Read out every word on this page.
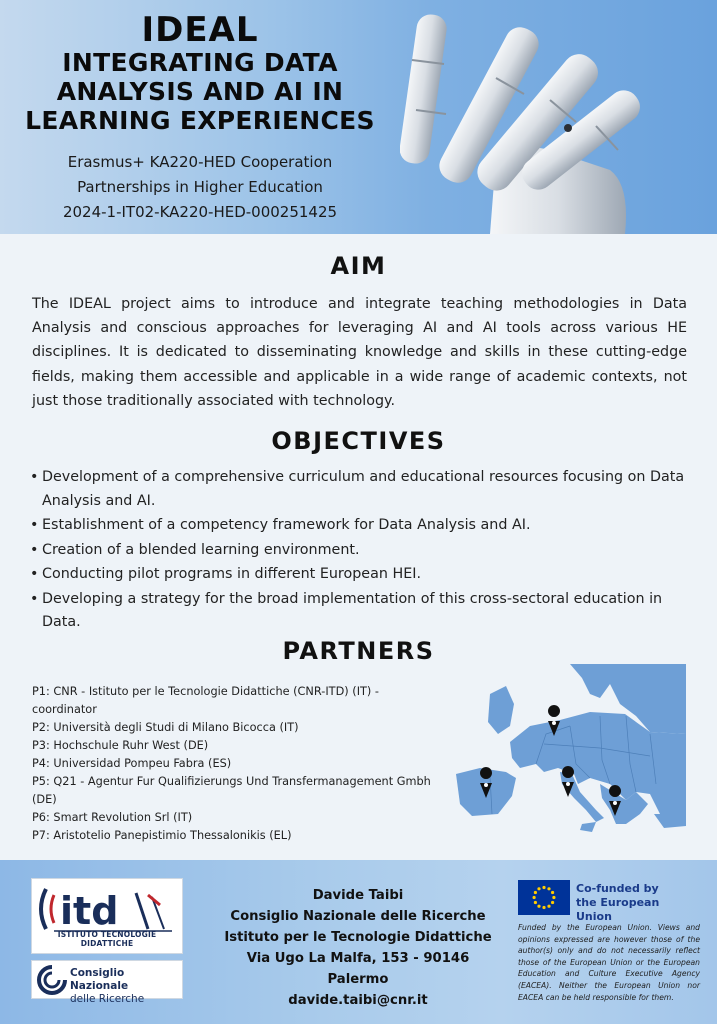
IDEAL
INTEGRATING DATA
ANALYSIS AND AI IN
LEARNING EXPERIENCES
Erasmus+ KA220-HED Cooperation
Partnerships in Higher Education
2024-1-IT02-KA220-HED-000251425
AIM
The IDEAL project aims to introduce and integrate teaching methodologies in Data Analysis and conscious approaches for leveraging AI and AI tools across various HE disciplines. It is dedicated to disseminating knowledge and skills in these cutting-edge fields, making them accessible and applicable in a wide range of academic contexts, not just those traditionally associated with technology.
OBJECTIVES
• Development of a comprehensive curriculum and educational resources focusing on Data Analysis and AI.
• Establishment of a competency framework for Data Analysis and AI.
• Creation of a blended learning environment.
• Conducting pilot programs in different European HEI.
• Developing a strategy for the broad implementation of this cross-sectoral education in Data.
PARTNERS
P1: CNR - Istituto per le Tecnologie Didattiche (CNR-ITD) (IT) - coordinator
P2: Università degli Studi di Milano Bicocca (IT)
P3: Hochschule Ruhr West (DE)
P4: Universidad Pompeu Fabra (ES)
P5: Q21 - Agentur Fur Qualifizierungs Und Transfermanagement Gmbh (DE)
P6: Smart Revolution Srl (IT)
P7: Aristotelio Panepistimio Thessalonikis (EL)
itd
ISTITUTO TECNOLOGIE DIDATTICHE
Consiglio Nazionale
delle Ricerche
Davide Taibi
Consiglio Nazionale delle Ricerche
Istituto per le Tecnologie Didattiche
Via Ugo La Malfa, 153 - 90146 Palermo
davide.taibi@cnr.it
Co-funded by
the European Union
Funded by the European Union. Views and opinions expressed are however those of the author(s) only and do not necessarily reflect those of the European Union or the European Education and Culture Executive Agency (EACEA). Neither the European Union nor EACEA can be held responsible for them.
